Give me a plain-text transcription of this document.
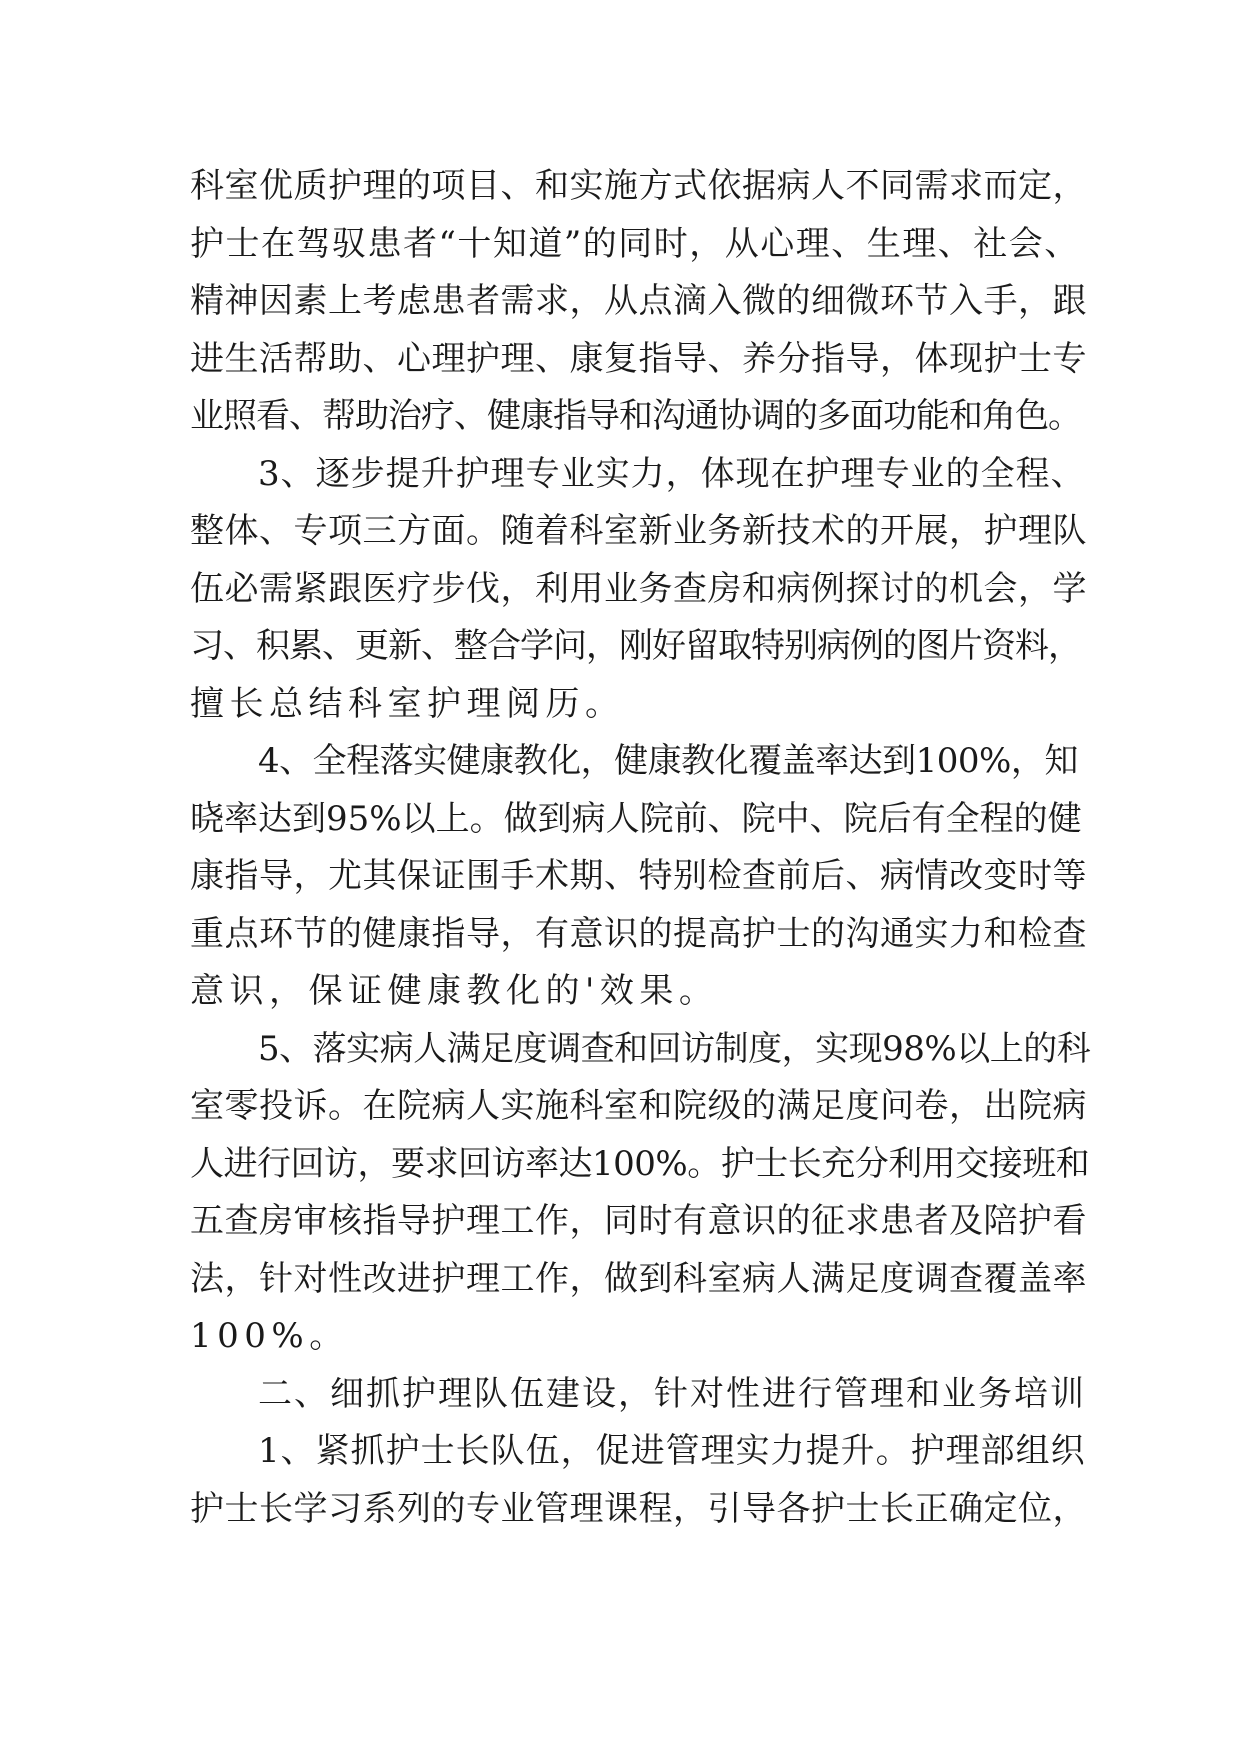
科室优质护理的项目、和实施方式依据病人不同需求而定，
护士在驾驭患者“十知道”的同时，从心理、生理、社会、
精神因素上考虑患者需求，从点滴入微的细微环节入手，跟
进生活帮助、心理护理、康复指导、养分指导，体现护士专
业照看、帮助治疗、健康指导和沟通协调的多面功能和角色。
3、逐步提升护理专业实力，体现在护理专业的全程、
整体、专项三方面。随着科室新业务新技术的开展，护理队
伍必需紧跟医疗步伐，利用业务查房和病例探讨的机会，学
习、积累、更新、整合学问，刚好留取特别病例的图片资料，
擅长总结科室护理阅历。
4、全程落实健康教化，健康教化覆盖率达到100%，知
晓率达到95%以上。做到病人院前、院中、院后有全程的健
康指导，尤其保证围手术期、特别检查前后、病情改变时等
重点环节的健康指导，有意识的提高护士的沟通实力和检查
意识，保证健康教化的'效果。
5、落实病人满足度调查和回访制度，实现98%以上的科
室零投诉。在院病人实施科室和院级的满足度问卷，出院病
人进行回访，要求回访率达100%。护士长充分利用交接班和
五查房审核指导护理工作，同时有意识的征求患者及陪护看
法，针对性改进护理工作，做到科室病人满足度调查覆盖率
100%。
二、细抓护理队伍建设，针对性进行管理和业务培训
1、紧抓护士长队伍，促进管理实力提升。护理部组织
护士长学习系列的专业管理课程，引导各护士长正确定位，
